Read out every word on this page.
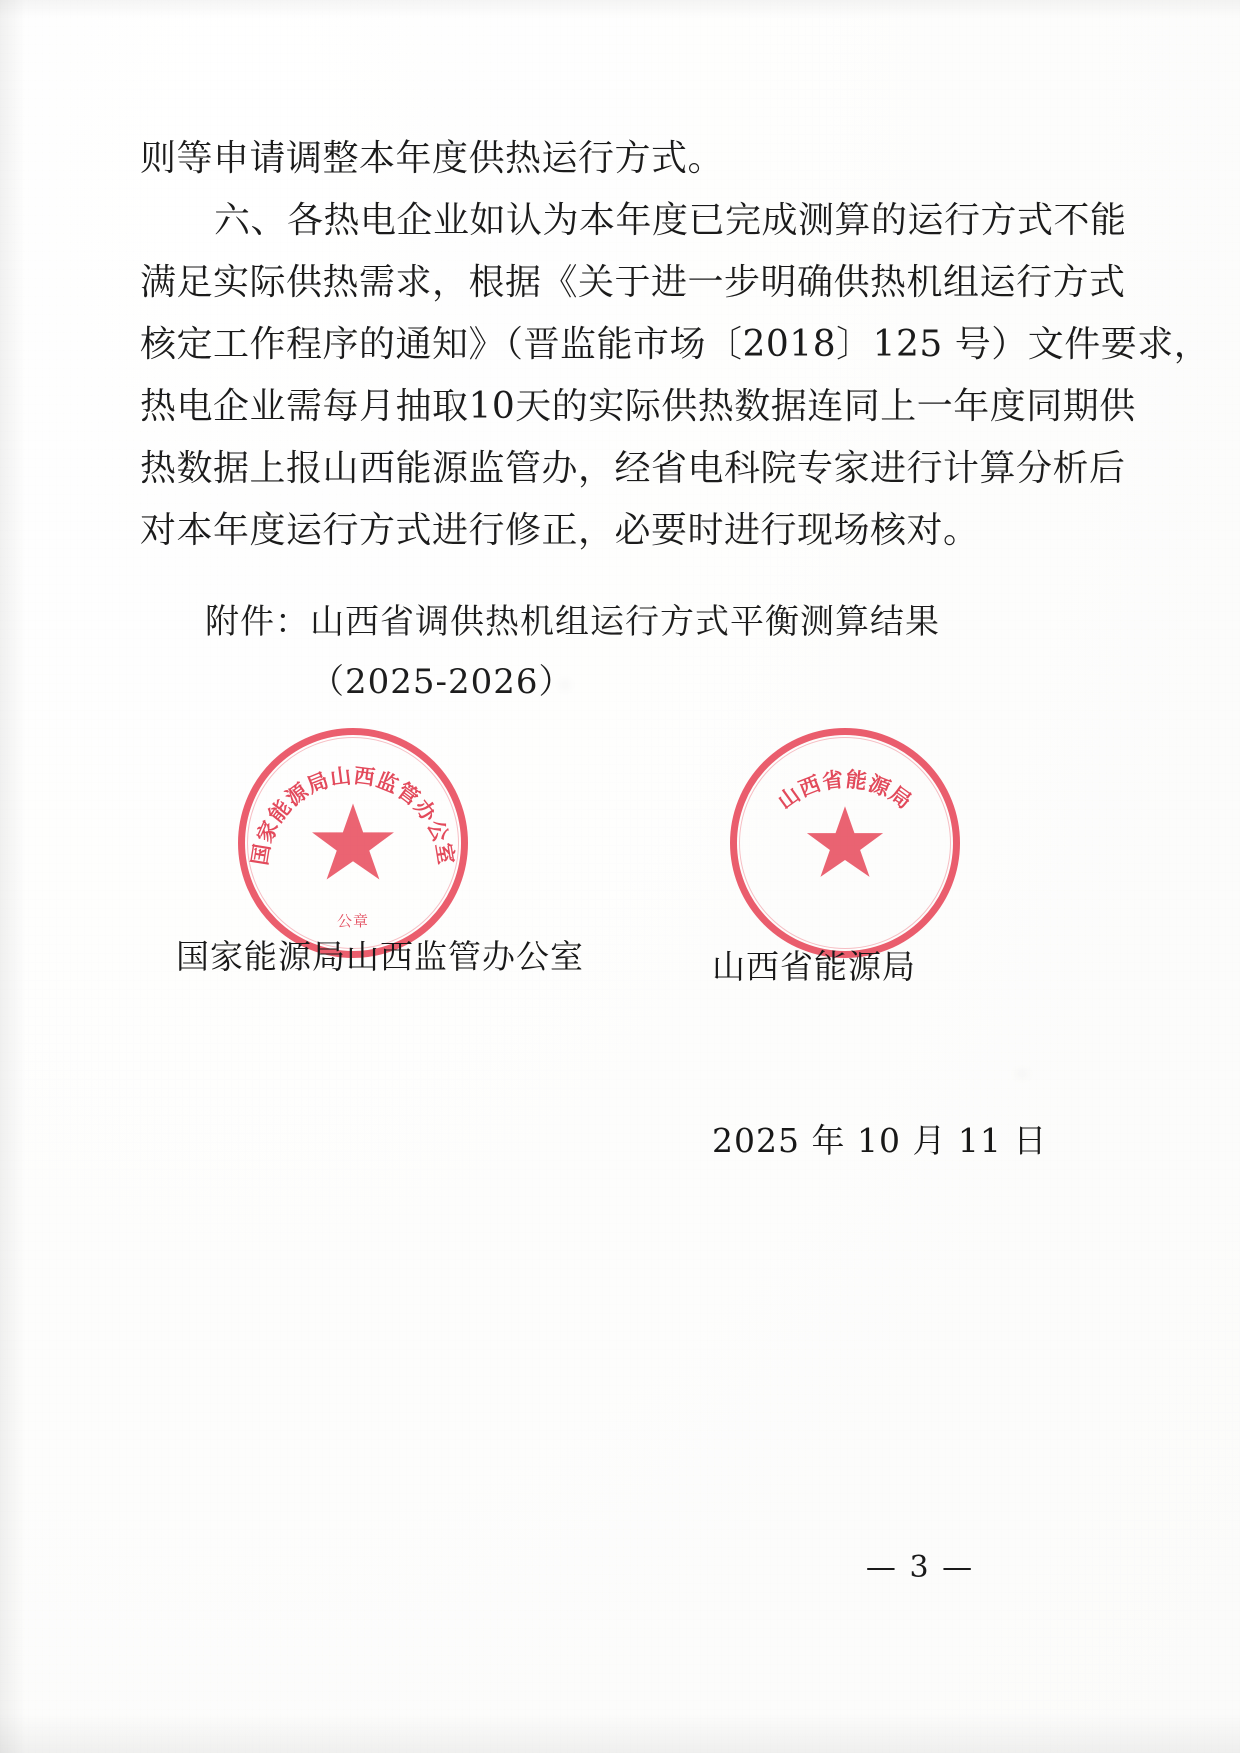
则等申请调整本年度供热运行方式。
六、各热电企业如认为本年度已完成测算的运行方式不能
满足实际供热需求，根据《关于进一步明确供热机组运行方式
核定工作程序的通知》（晋监能市场〔2018〕125 号）文件要求，
热电企业需每月抽取10天的实际供热数据连同上一年度同期供
热数据上报山西能源监管办，经省电科院专家进行计算分析后
对本年度运行方式进行修正，必要时进行现场核对。
附件：山西省调供热机组运行方式平衡测算结果
（2025-2026）
国家能源局山西监管办公室
公章
山西省能源局

国家能源局山西监管办公室

	山西省能源局

2025 年 10 月 11 日

— 3 —
